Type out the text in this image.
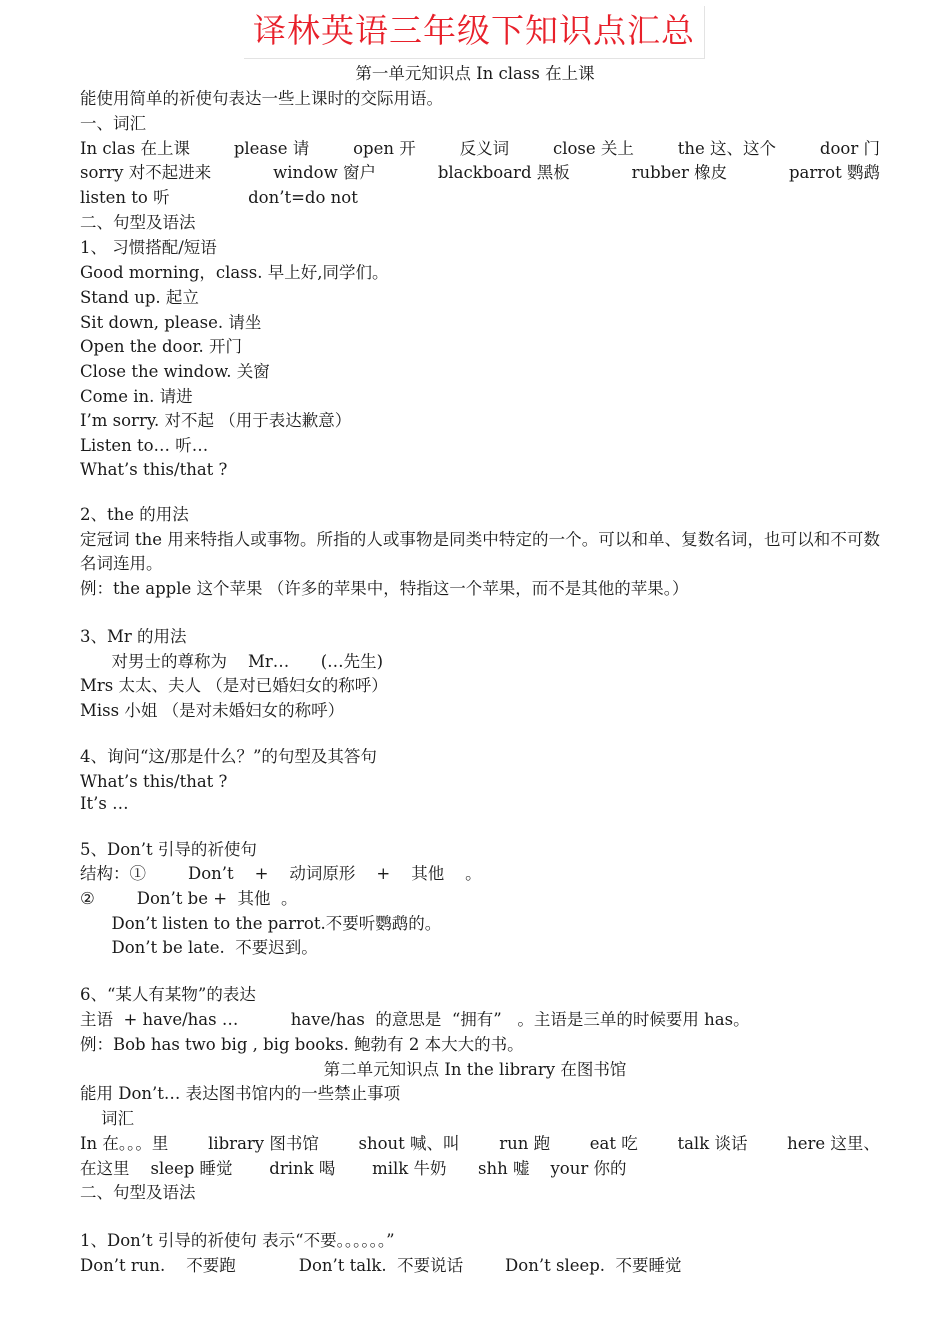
译林英语三年级下知识点汇总
第一单元知识点 In class 在上课
能使用简单的祈使句表达一些上课时的交际用语。
一、词汇
In clas 在上课	please 请	open 开	反义词	close 关上	the 这、这个	door 门
sorry 对不起进来	window 窗户	blackboard 黑板	rubber 橡皮	parrot 鹦鹉
listen to 听	don’t=do not
二、句型及语法
1、 习惯搭配/短语
Good morning，class. 早上好,同学们。
Stand up. 起立
Sit down, please. 请坐
Open the door. 开门
Close the window. 关窗
Come in. 请进
I’m sorry. 对不起 （用于表达歉意）
Listen to… 听…
What’s this/that ?
2、the 的用法
定冠词 the 用来特指人或事物。所指的人或事物是同类中特定的一个。可以和单、复数名词，也可以和不可数名词连用。
例：the apple 这个苹果 （许多的苹果中，特指这一个苹果，而不是其他的苹果。）
3、Mr 的用法
对男士的尊称为    Mr…      (…先生)
Mrs 太太、夫人 （是对已婚妇女的称呼）
Miss 小姐 （是对未婚妇女的称呼）
4、询问“这/那是什么？”的句型及其答句
What’s this/that ?
It’s …
5、Don’t 引导的祈使句
结构：①        Don’t    +    动词原形    +    其他    。
②        Don’t be +  其他  。
Don’t listen to the parrot.不要听鹦鹉的。
Don’t be late.  不要迟到。
6、“某人有某物”的表达
主语  + have/has …          have/has  的意思是  “拥有”   。主语是三单的时候要用 has。
例：Bob has two big , big books. 鲍勃有 2 本大大的书。
第二单元知识点 In the library 在图书馆
能用 Don’t… 表达图书馆内的一些禁止事项
词汇
In 在。。。里 library 图书馆 shout 喊、叫 run 跑 eat 吃 talk 谈话 here 这里、
在这里    sleep 睡觉       drink 喝       milk 牛奶      shh 嘘    your 你的
二、句型及语法
1、Don’t 引导的祈使句 表示“不要。。。。。。”
Don’t run.    不要跑            Don’t talk.  不要说话        Don’t sleep.  不要睡觉
